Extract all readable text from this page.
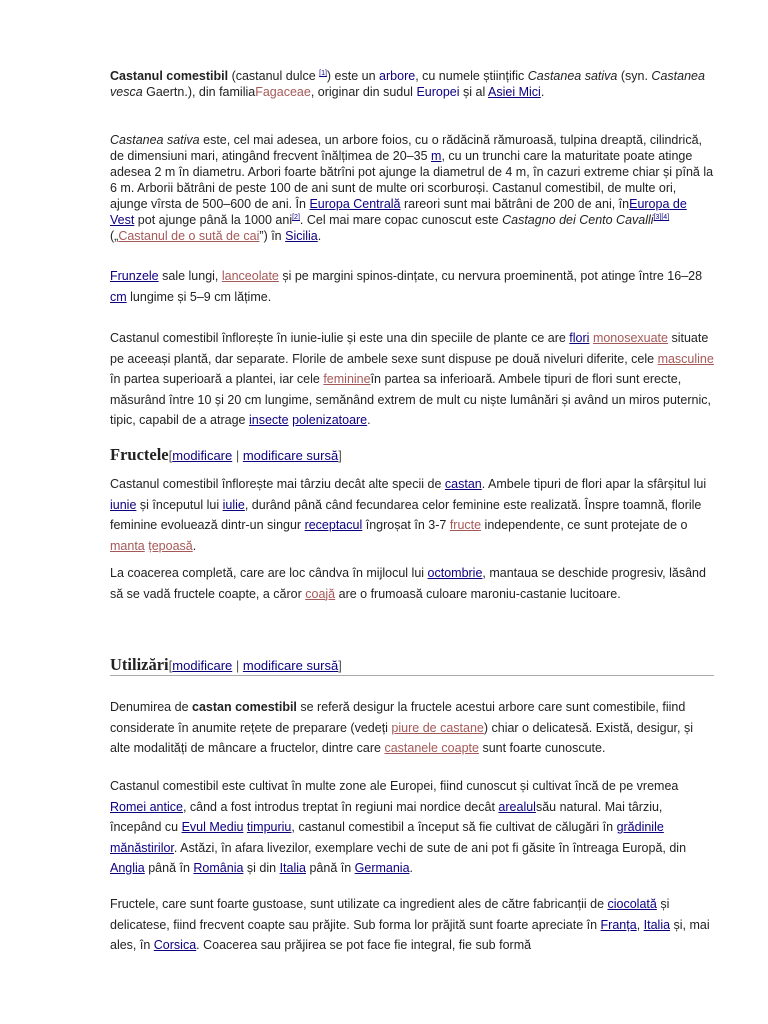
Castanul comestibil (castanul dulce [1]) este un arbore, cu numele științific Castanea sativa (syn. Castanea vesca Gaertn.), din familiaFagaceae, originar din sudul Europei și al Asiei Mici.

Castanea sativa este, cel mai adesea, un arbore foios, cu o rădăcină rămuroasă, tulpina dreaptă, cilindrică, de dimensiuni mari, atingând frecvent înălțimea de 20–35 m, cu un trunchi care la maturitate poate atinge adesea 2 m în diametru. Arbori foarte bătrîni pot ajunge la diametrul de 4 m, în cazuri extreme chiar și pînă la 6 m. Arborii bătrâni de peste 100 de ani sunt de multe ori scorburoși. Castanul comestibil, de multe ori, ajunge vîrsta de 500–600 de ani. În Europa Centrală rareori sunt mai bătrâni de 200 de ani, înEuropa de Vest pot ajunge până la 1000 ani[2]. Cel mai mare copac cunoscut este Castagno dei Cento Cavalli[3][4] („Castanul de o sută de cai”) în Sicilia.

Frunzele sale lungi, lanceolate și pe margini spinos-dințate, cu nervura proeminentă, pot atinge între 16–28 cm lungime și 5–9 cm lățime.

Castanul comestibil înflorește în iunie-iulie și este una din speciile de plante ce are flori monosexuate situate pe aceeași plantă, dar separate. Florile de ambele sexe sunt dispuse pe două niveluri diferite, cele masculine în partea superioară a plantei, iar cele feminineîn partea sa inferioară. Ambele tipuri de flori sunt erecte, măsurând între 10 și 20 cm lungime, semănând extrem de mult cu niște lumânări și având un miros puternic, tipic, capabil de a atrage insecte polenizatoare.

Fructele[modificare | modificare sursă]

Castanul comestibil înflorește mai târziu decât alte specii de castan. Ambele tipuri de flori apar la sfârșitul lui iunie și începutul lui iulie, durând până când fecundarea celor feminine este realizată. Înspre toamnă, florile feminine evoluează dintr-un singur receptacul îngroșat în 3-7 fructe independente, ce sunt protejate de o manta țepoasă.

La coacerea completă, care are loc cândva în mijlocul lui octombrie, mantaua se deschide progresiv, lăsând să se vadă fructele coapte, a căror coajă are o frumoasă culoare maroniu-castanie lucitoare.

Utilizări[modificare | modificare sursă]

Denumirea de castan comestibil se referă desigur la fructele acestui arbore care sunt comestibile, fiind considerate în anumite rețete de preparare (vedeți piure de castane) chiar o delicatesă. Există, desigur, și alte modalități de mâncare a fructelor, dintre care castanele coapte sunt foarte cunoscute.

Castanul comestibil este cultivat în multe zone ale Europei, fiind cunoscut și cultivat încă de pe vremea Romei antice, când a fost introdus treptat în regiuni mai nordice decât arealulsău natural. Mai târziu, începând cu Evul Mediu timpuriu, castanul comestibil a început să fie cultivat de călugări în grădinile mănăstirilor. Astăzi, în afara livezilor, exemplare vechi de sute de ani pot fi găsite în întreaga Europă, din Anglia până în România și din Italia până în Germania.

Fructele, care sunt foarte gustoase, sunt utilizate ca ingredient ales de către fabricanții de ciocolată și delicatese, fiind frecvent coapte sau prăjite. Sub forma lor prăjită sunt foarte apreciate în Franța, Italia și, mai ales, în Corsica. Coacerea sau prăjirea se pot face fie integral, fie sub formă
